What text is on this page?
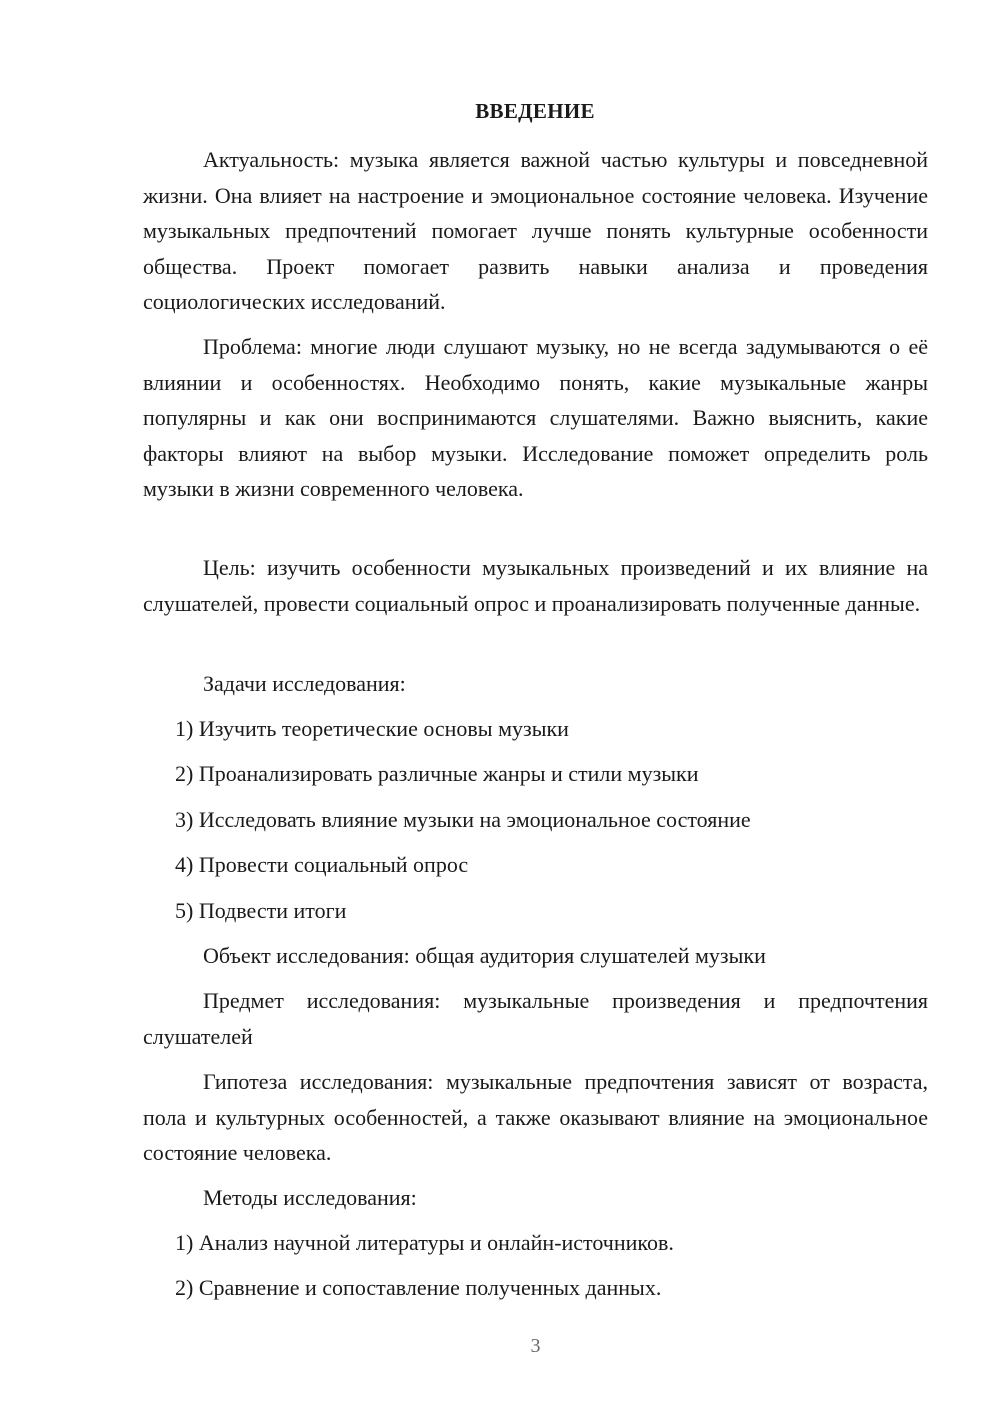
ВВЕДЕНИЕ

Актуальность: музыка является важной частью культуры и повседневной жизни. Она влияет на настроение и эмоциональное состояние человека. Изучение музыкальных предпочтений помогает лучше понять культурные особенности общества. Проект помогает развить навыки анализа и проведения социологических исследований.

Проблема: многие люди слушают музыку, но не всегда задумываются о её влиянии и особенностях. Необходимо понять, какие музыкальные жанры популярны и как они воспринимаются слушателями. Важно выяснить, какие факторы влияют на выбор музыки. Исследование поможет определить роль музыки в жизни современного человека.

Цель: изучить особенности музыкальных произведений и их влияние на слушателей, провести социальный опрос и проанализировать полученные данные.

Задачи исследования:

1) Изучить теоретические основы музыки

2) Проанализировать различные жанры и стили музыки

3) Исследовать влияние музыки на эмоциональное состояние

4) Провести социальный опрос

5) Подвести итоги

Объект исследования: общая аудитория слушателей музыки

Предмет исследования: музыкальные произведения и предпочтения слушателей

Гипотеза исследования: музыкальные предпочтения зависят от возраста, пола и культурных особенностей, а также оказывают влияние на эмоциональное состояние человека.

Методы исследования:

1) Анализ научной литературы и онлайн-источников.

2) Сравнение и сопоставление полученных данных.

3
